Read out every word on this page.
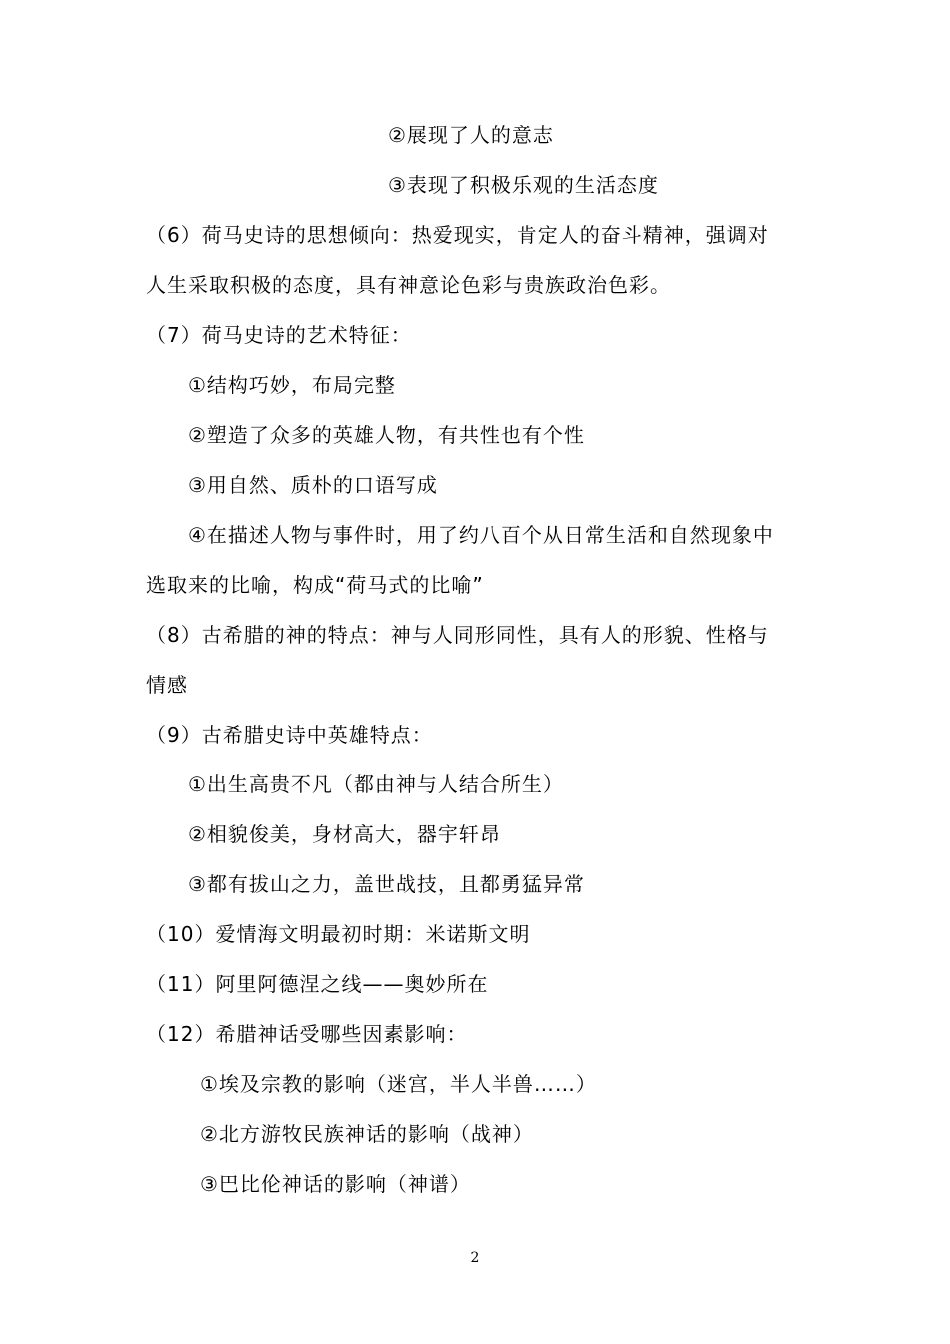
②展现了人的意志
③表现了积极乐观的生活态度
（6）荷马史诗的思想倾向：热爱现实，肯定人的奋斗精神，强调对
人生采取积极的态度，具有神意论色彩与贵族政治色彩。
（7）荷马史诗的艺术特征：
①结构巧妙，布局完整
②塑造了众多的英雄人物，有共性也有个性
③用自然、质朴的口语写成
④在描述人物与事件时，用了约八百个从日常生活和自然现象中
选取来的比喻，构成“荷马式的比喻”
（8）古希腊的神的特点：神与人同形同性，具有人的形貌、性格与
情感
（9）古希腊史诗中英雄特点：
①出生高贵不凡（都由神与人结合所生）
②相貌俊美，身材高大，器宇轩昂
③都有拔山之力，盖世战技，且都勇猛异常
（10）爱情海文明最初时期：米诺斯文明
（11）阿里阿德涅之线——奥妙所在
（12）希腊神话受哪些因素影响：
①埃及宗教的影响（迷宫，半人半兽……）
②北方游牧民族神话的影响（战神）
③巴比伦神话的影响（神谱）
2
